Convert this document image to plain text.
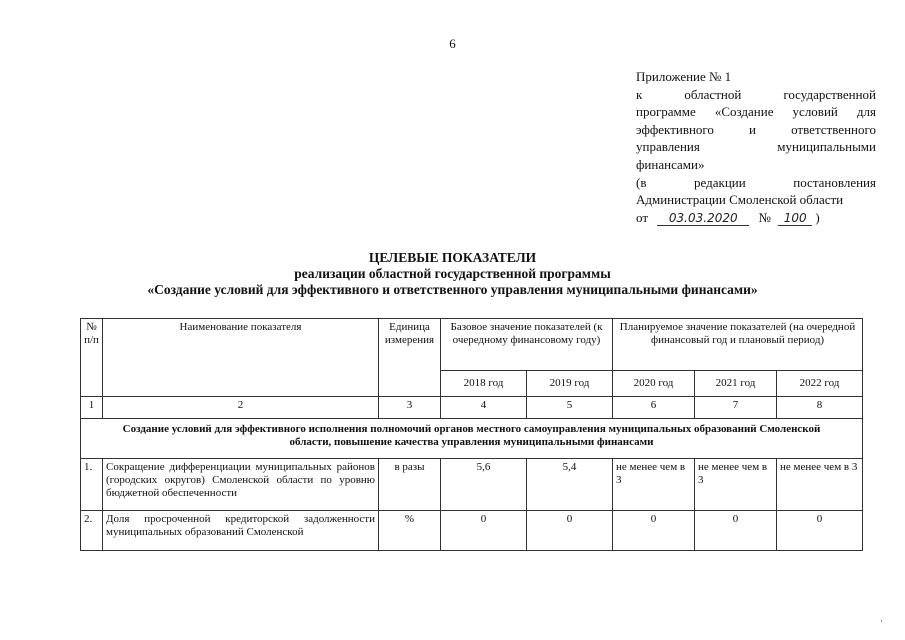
6
Приложение № 1
к областной государственной
программе «Создание условий для
эффективного и ответственного
управления муниципальными
финансами»
(в редакции постановления
Администрации Смоленской области
от 03.03.2020 № 100 )
ЦЕЛЕВЫЕ ПОКАЗАТЕЛИ
реализации областной государственной программы
«Создание условий для эффективного и ответственного управления муниципальными финансами»
№ п/п	Наименование показателя	Единица измерения	Базовое значение показателей (к очередному финансовому году)		Планируемое значение показателей (на очередной финансовый год и плановый период)		
			2018 год	2019 год	2020 год	2021 год	2022 год
1	2	3	4	5	6	7	8
Создание условий для эффективного исполнения полномочий органов местного самоуправления муниципальных образований Смоленской области, повышение качества управления муниципальными финансами							
1.	Сокращение дифференциации муниципальных районов (городских округов) Смоленской области по уровню бюджетной обеспеченности	в разы	5,6	5,4	не менее чем в 3	не менее чем в 3	не менее чем в 3
2.	Доля просроченной кредиторской задолженности муниципальных образований Смоленской	%	0	0	0	0	0
·
